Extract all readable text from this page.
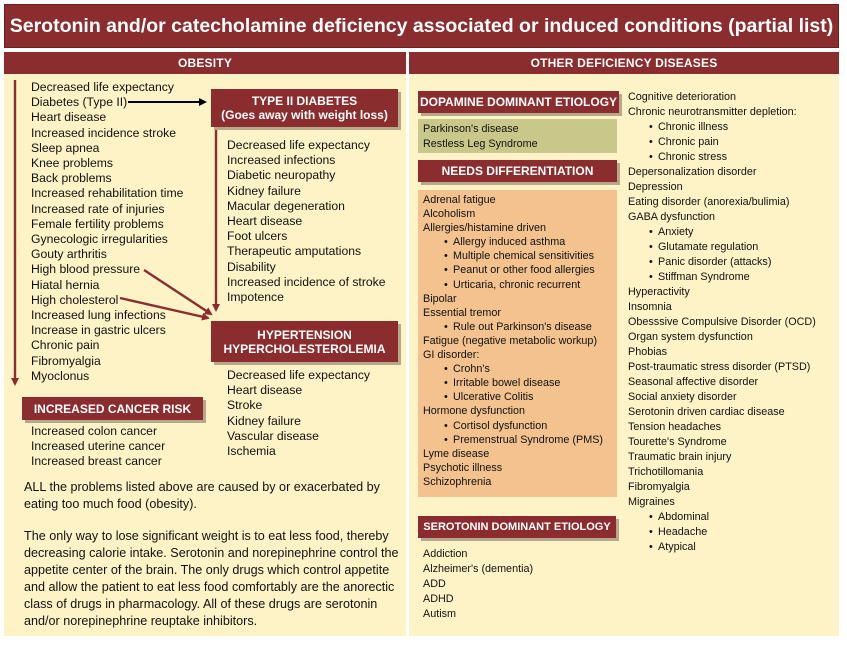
Serotonin and/or catecholamine deficiency associated or induced conditions (partial list)
OBESITY
Decreased life expectancy
Diabetes (Type II)
Heart disease
Increased incidence stroke
Sleep apnea
Knee problems
Back problems
Increased rehabilitation time
Increased rate of injuries
Female fertility problems
Gynecologic irregularities
Gouty arthritis
High blood pressure
Hiatal hernia
High cholesterol
Increased lung infections
Increase in gastric ulcers
Chronic pain
Fibromyalgia
Myoclonus
TYPE II DIABETES
(Goes away with weight loss)
Decreased life expectancy
Increased infections
Diabetic neuropathy
Kidney failure
Macular degeneration
Heart disease
Foot ulcers
Therapeutic amputations
Disability
Increased incidence of stroke
Impotence
HYPERTENSION
HYPERCHOLESTEROLEMIA
Decreased life expectancy
Heart disease
Stroke
Kidney failure
Vascular disease
Ischemia
INCREASED CANCER RISK
Increased colon cancer
Increased uterine cancer
Increased breast cancer
ALL the problems listed above are caused by or exacerbated by eating too much food (obesity).
The only way to lose significant weight is to eat less food, thereby decreasing calorie intake. Serotonin and norepinephrine control the appetite center of the brain. The only drugs which control appetite and allow the patient to eat less food comfortably are the anorectic class of drugs in pharmacology. All of these drugs are serotonin and/or norepinephrine reuptake inhibitors.
OTHER DEFICIENCY DISEASES
DOPAMINE DOMINANT ETIOLOGY
Parkinson's disease
Restless Leg Syndrome
NEEDS DIFFERENTIATION
Adrenal fatigue
Alcoholism
Allergies/histamine driven
• Allergy induced asthma
• Multiple chemical sensitivities
• Peanut or other food allergies
• Urticaria, chronic recurrent
Bipolar
Essential tremor
• Rule out Parkinson's disease
Fatigue (negative metabolic workup)
GI disorder:
• Crohn's
• Irritable bowel disease
• Ulcerative Colitis
Hormone dysfunction
• Cortisol dysfunction
• Premenstrual Syndrome (PMS)
Lyme disease
Psychotic illness
Schizophrenia
SEROTONIN DOMINANT ETIOLOGY
Addiction
Alzheimer's (dementia)
ADD
ADHD
Autism
Cognitive deterioration
Chronic neurotransmitter depletion:
• Chronic illness
• Chronic pain
• Chronic stress
Depersonalization disorder
Depression
Eating disorder (anorexia/bulimia)
GABA dysfunction
• Anxiety
• Glutamate regulation
• Panic disorder (attacks)
• Stiffman Syndrome
Hyperactivity
Insomnia
Obesssive Compulsive Disorder (OCD)
Organ system dysfunction
Phobias
Post-traumatic stress disorder (PTSD)
Seasonal affective disorder
Social anxiety disorder
Serotonin driven cardiac disease
Tension headaches
Tourette's Syndrome
Traumatic brain injury
Trichotillomania
Fibromyalgia
Migraines
• Abdominal
• Headache
• Atypical
